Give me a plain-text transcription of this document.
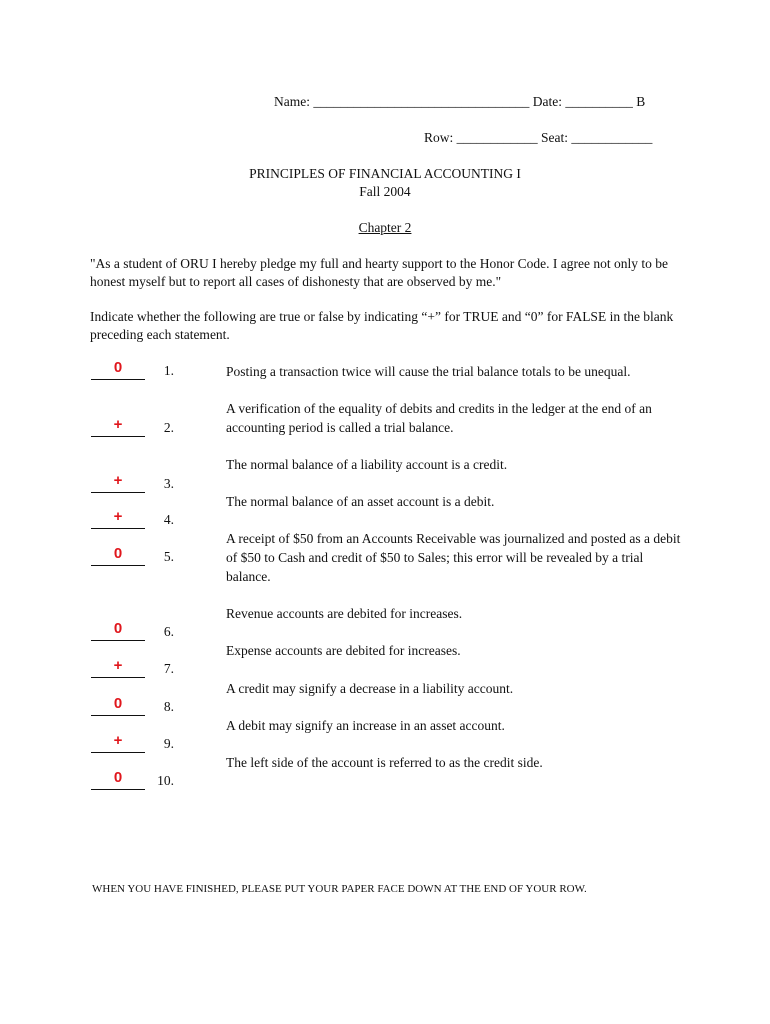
Name: ________________________________ Date: __________ B
Row: ____________ Seat: ____________
PRINCIPLES OF FINANCIAL ACCOUNTING I
Fall 2004
Chapter 2
"As a student of ORU I hereby pledge my full and hearty support to the Honor Code. I agree not only to be honest myself but to report all cases of dishonesty that are observed by me."
Indicate whether the following are true or false by indicating “+” for TRUE and “0” for FALSE in the blank preceding each statement.
0
+
+
+
0
0
+
0
+
0
1.
2.
3.
4.
5.
6.
7.
8.
9.
10.
Posting a transaction twice will cause the trial balance totals to be unequal.
A verification of the equality of debits and credits in the ledger at the end of an accounting period is called a trial balance.
The normal balance of a liability account is a credit.
The normal balance of an asset account is a debit.
A receipt of $50 from an Accounts Receivable was journalized and posted as a debit of $50 to Cash and credit of $50 to Sales; this error will be revealed by a trial balance.
Revenue accounts are debited for increases.
Expense accounts are debited for increases.
A credit may signify a decrease in a liability account.
A debit may signify an increase in an asset account.
The left side of the account is referred to as the credit side.
WHEN YOU HAVE FINISHED, PLEASE PUT YOUR PAPER FACE DOWN AT THE END OF YOUR ROW.
